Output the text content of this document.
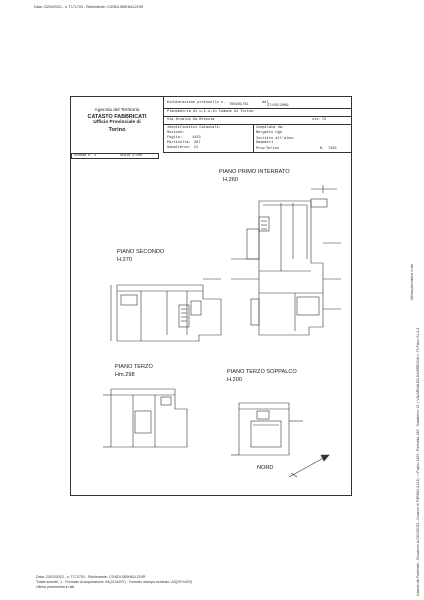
Data: 23/03/2023 - n. T171703 - Richiedente: CGNDLS85H62L219R
Catasto dei Fabbricati - Situazione al 23/03/2023 - Comune di TORINO (L219) - < Foglio: 1423 - Particella: 287 - Subalterno: 21 > VIA ARNALDO DA BRESCIA n. 72 Piano S1-2-3
Ultima planimetria in atti
Agenzia del Territorio
CATASTO FABBRICATI
Ufficio Provinciale di
Torino
Dichiarazione protocollo n. TO0281731	del
27/03/2009
Planimetria di u.i.u.in Comune di Torino
Via Arnaldo Da Brescia	civ. 72
Identificativi Catastali:
Sezione:
Foglio:	1423
Particella: 287
Subalterno: 21
Compilata da:
Bergetto Ugo
Iscritto all'albo:
Geometri
Prov. Torino	N. 7464
Scheda n. 1	Scala 1:200
PIANO PRIMO INTERRATO
H.260
PIANO SECONDO
H.270
PIANO TERZO
Hm.298	PIANO TERZO SOPPALCO
H.200
NORD
Data: 23/03/2023 - n. T171703 - Richiedente: CGNDLS85H62L219R
Totale schede: 1 - Formato di acquisizione: A4(210x297) - Formato stampa richiesto: A3(297x420)
Ultima planimetria in atti
